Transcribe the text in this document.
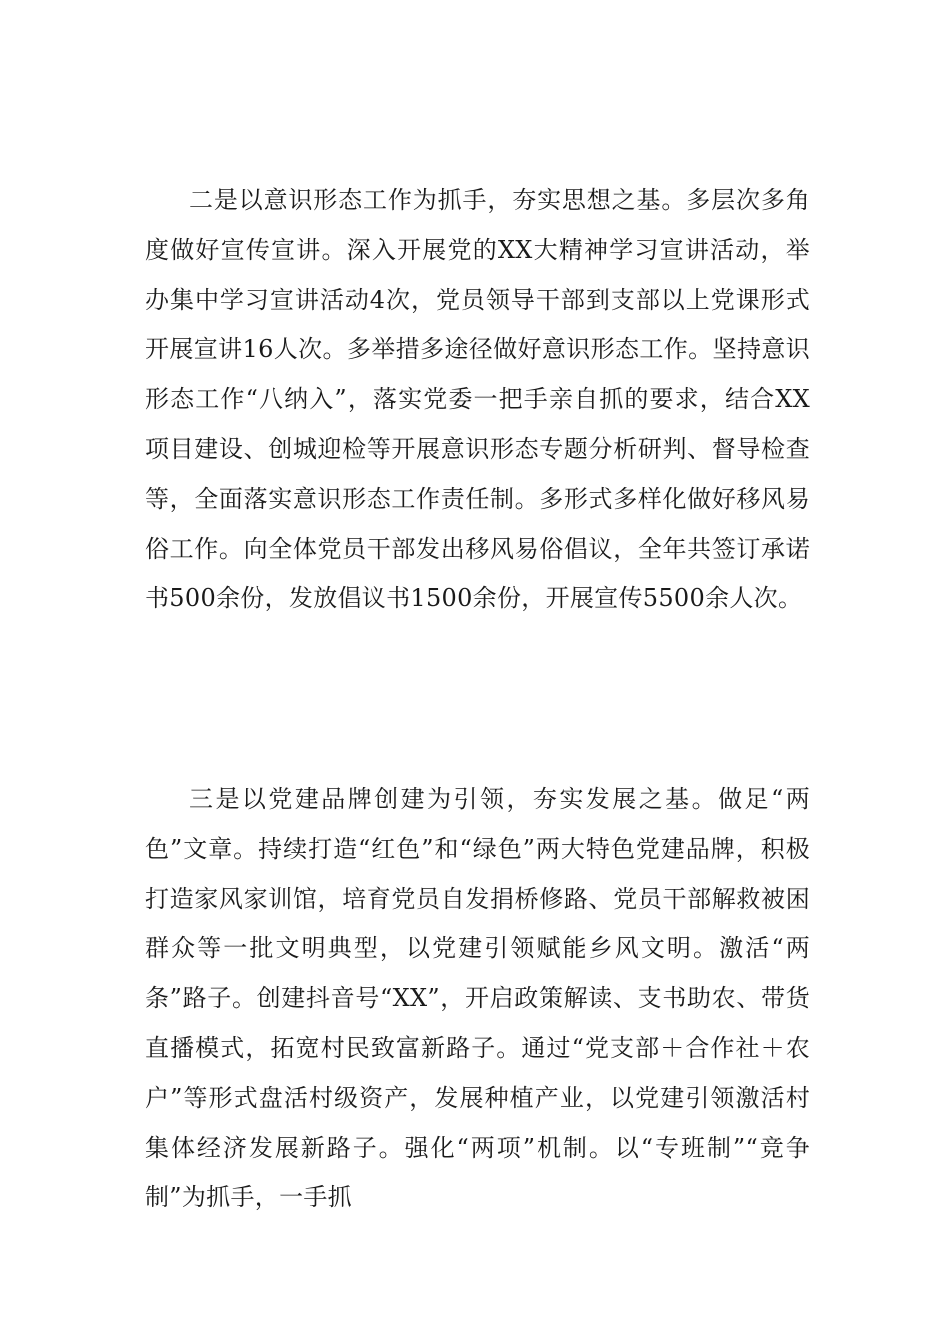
二是以意识形态工作为抓手，夯实思想之基。多层次多角度做好宣传宣讲。深入开展党的XX大精神学习宣讲活动，举办集中学习宣讲活动4次，党员领导干部到支部以上党课形式开展宣讲16人次。多举措多途径做好意识形态工作。坚持意识形态工作“八纳入”，落实党委一把手亲自抓的要求，结合XX项目建设、创城迎检等开展意识形态专题分析研判、督导检查等，全面落实意识形态工作责任制。多形式多样化做好移风易俗工作。向全体党员干部发出移风易俗倡议，全年共签订承诺书500余份，发放倡议书1500余份，开展宣传5500余人次。

三是以党建品牌创建为引领，夯实发展之基。做足“两色”文章。持续打造“红色”和“绿色”两大特色党建品牌，积极打造家风家训馆，培育党员自发捐桥修路、党员干部解救被困群众等一批文明典型，以党建引领赋能乡风文明。激活“两条”路子。创建抖音号“XX”，开启政策解读、支书助农、带货直播模式，拓宽村民致富新路子。通过“党支部＋合作社＋农户”等形式盘活村级资产，发展种植产业，以党建引领激活村集体经济发展新路子。强化“两项”机制。以“专班制”“竞争制”为抓手，一手抓
